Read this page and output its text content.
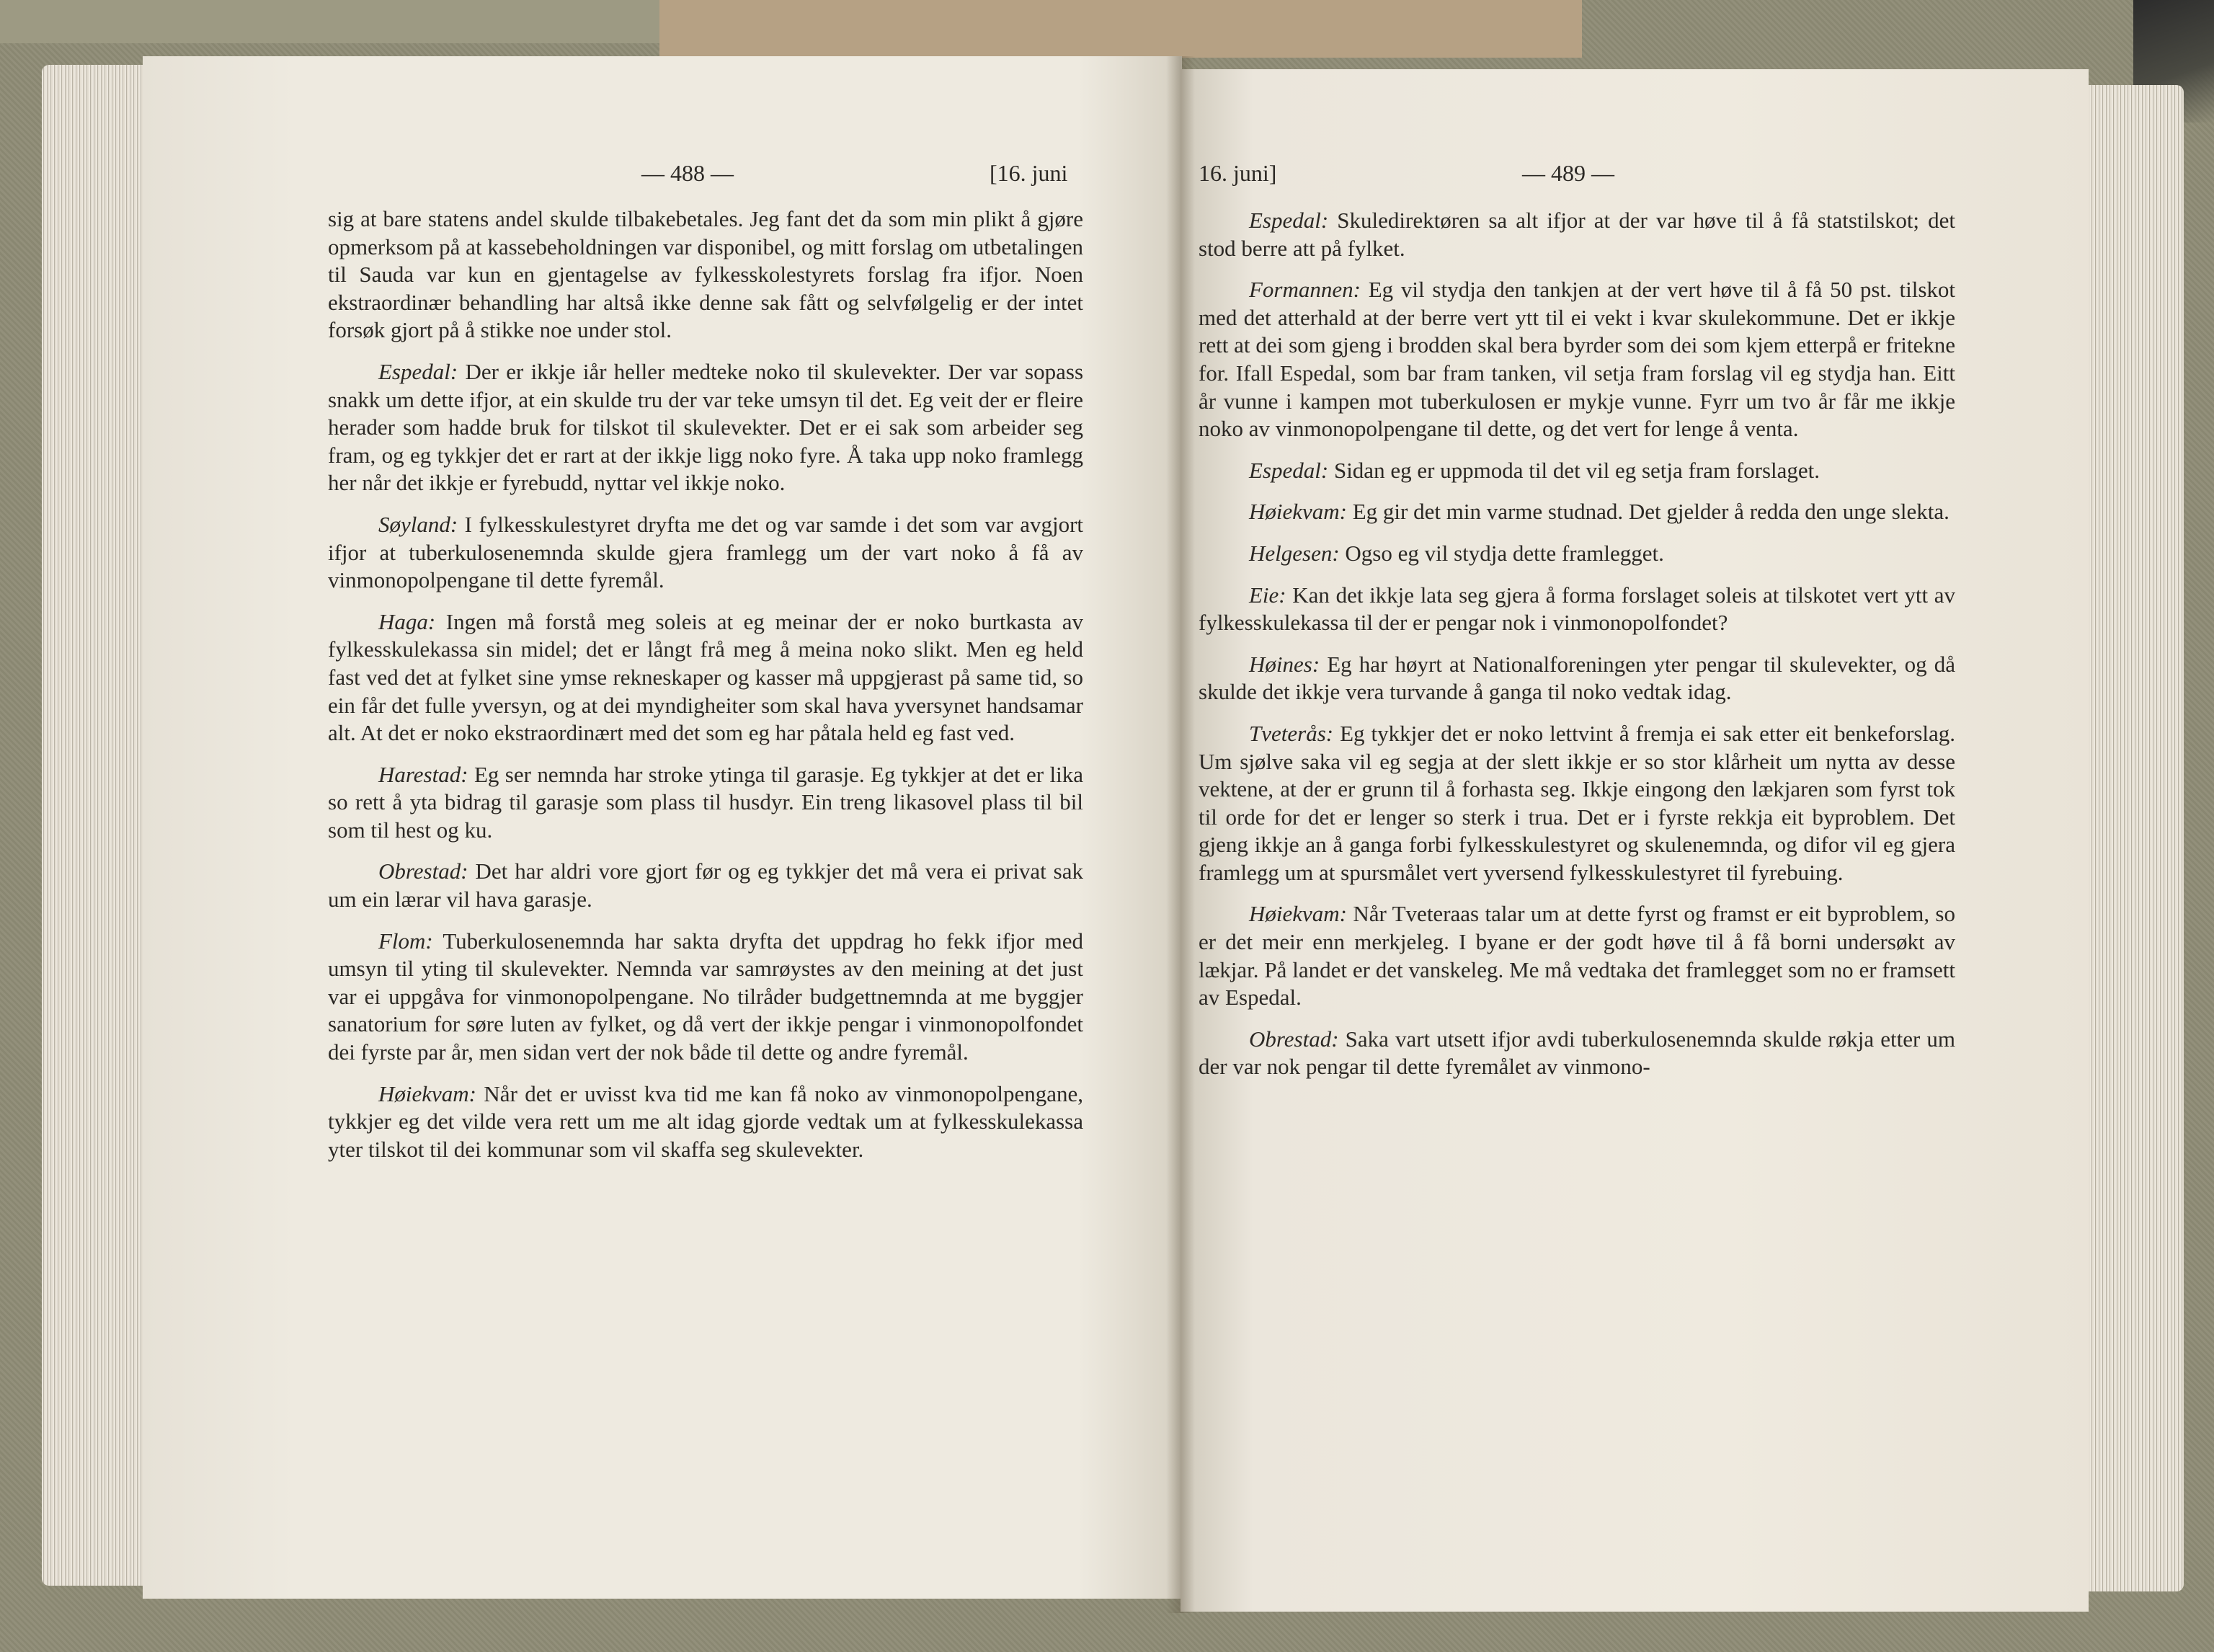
— 488 —	[16. juni	16. juni]	— 489 —

sig at bare statens andel skulde tilbakebetales. Jeg fant det da som min plikt å gjøre opmerksom på at kassebeholdningen var disponibel, og mitt forslag om utbetalingen til Sauda var kun en gjentagelse av fylkesskolestyrets forslag fra ifjor. Noen ekstraordinær behandling har altså ikke denne sak fått og selvfølgelig er der intet forsøk gjort på å stikke noe under stol.

Espedal: Der er ikkje iår heller medteke noko til skulevekter. Der var sopass snakk um dette ifjor, at ein skulde tru der var teke umsyn til det. Eg veit der er fleire herader som hadde bruk for tilskot til skulevekter. Det er ei sak som arbeider seg fram, og eg tykkjer det er rart at der ikkje ligg noko fyre. Å taka upp noko framlegg her når det ikkje er fyrebudd, nyttar vel ikkje noko.

Søyland: I fylkesskulestyret dryfta me det og var samde i det som var avgjort ifjor at tuberkulosenemnda skulde gjera framlegg um der vart noko å få av vinmonopolpengane til dette fyremål.

Haga: Ingen må forstå meg soleis at eg meinar der er noko burtkasta av fylkesskulekassa sin midel; det er långt frå meg å meina noko slikt. Men eg held fast ved det at fylket sine ymse rekneskaper og kasser må uppgjerast på same tid, so ein får det fulle yversyn, og at dei myndigheiter som skal hava yversynet handsamar alt. At det er noko ekstraordinært med det som eg har påtala held eg fast ved.

Harestad: Eg ser nemnda har stroke ytinga til garasje. Eg tykkjer at det er lika so rett å yta bidrag til garasje som plass til husdyr. Ein treng likasovel plass til bil som til hest og ku.

Obrestad: Det har aldri vore gjort før og eg tykkjer det må vera ei privat sak um ein lærar vil hava garasje.

Flom: Tuberkulosenemnda har sakta dryfta det uppdrag ho fekk ifjor med umsyn til yting til skulevekter. Nemnda var samrøystes av den meining at det just var ei uppgåva for vinmonopolpengane. No tilråder budgettnemnda at me byggjer sanatorium for søre luten av fylket, og då vert der ikkje pengar i vinmonopolfondet dei fyrste par år, men sidan vert der nok både til dette og andre fyremål.

Høiekvam: Når det er uvisst kva tid me kan få noko av vinmonopolpengane, tykkjer eg det vilde vera rett um me alt idag gjorde vedtak um at fylkesskulekassa yter tilskot til dei kommunar som vil skaffa seg skulevekter.

Espedal: Skuledirektøren sa alt ifjor at der var høve til å få statstilskot; det stod berre att på fylket.

Formannen: Eg vil stydja den tankjen at der vert høve til å få 50 pst. tilskot med det atterhald at der berre vert ytt til ei vekt i kvar skulekommune. Det er ikkje rett at dei som gjeng i brodden skal bera byrder som dei som kjem etterpå er fritekne for. Ifall Espedal, som bar fram tanken, vil setja fram forslag vil eg stydja han. Eitt år vunne i kampen mot tuberkulosen er mykje vunne. Fyrr um tvo år får me ikkje noko av vinmonopolpengane til dette, og det vert for lenge å venta.

Espedal: Sidan eg er uppmoda til det vil eg setja fram forslaget.

Høiekvam: Eg gir det min varme studnad. Det gjelder å redda den unge slekta.

Helgesen: Ogso eg vil stydja dette framlegget.

Eie: Kan det ikkje lata seg gjera å forma forslaget soleis at tilskotet vert ytt av fylkesskulekassa til der er pengar nok i vinmonopolfondet?

Høines: Eg har høyrt at Nationalforeningen yter pengar til skulevekter, og då skulde det ikkje vera turvande å ganga til noko vedtak idag.

Tveterås: Eg tykkjer det er noko lettvint å fremja ei sak etter eit benkeforslag. Um sjølve saka vil eg segja at der slett ikkje er so stor klårheit um nytta av desse vektene, at der er grunn til å forhasta seg. Ikkje eingong den lækjaren som fyrst tok til orde for det er lenger so sterk i trua. Det er i fyrste rekkja eit byproblem. Det gjeng ikkje an å ganga forbi fylkesskulestyret og skulenemnda, og difor vil eg gjera framlegg um at spursmålet vert yversend fylkesskulestyret til fyrebuing.

Høiekvam: Når Tveteraas talar um at dette fyrst og framst er eit byproblem, so er det meir enn merkjeleg. I byane er der godt høve til å få borni undersøkt av lækjar. På landet er det vanskeleg. Me må vedtaka det framlegget som no er framsett av Espedal.

Obrestad: Saka vart utsett ifjor avdi tuberkulosenemnda skulde røkja etter um der var nok pengar til dette fyremålet av vinmono-
